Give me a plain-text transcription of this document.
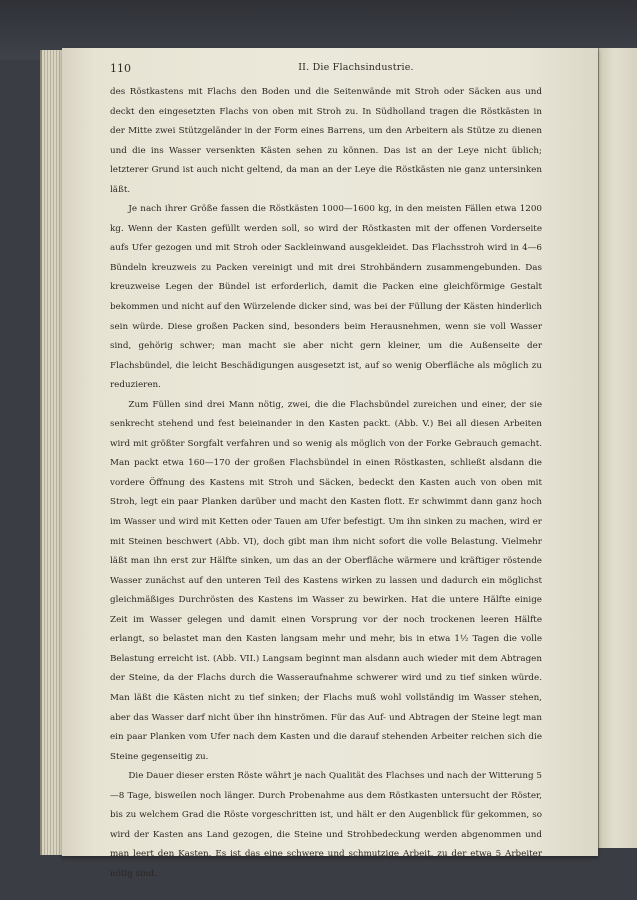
110	II. Die Flachsindustrie.

des Röstkastens mit Flachs den Boden und die Seitenwände mit Stroh oder Säcken aus und deckt den eingesetzten Flachs von oben mit Stroh zu. In Südholland tragen die Röstkästen in der Mitte zwei Stützgeländer in der Form eines Barrens, um den Arbeitern als Stütze zu dienen und die ins Wasser versenkten Kästen sehen zu können. Das ist an der Leye nicht üblich; letzterer Grund ist auch nicht geltend, da man an der Leye die Röstkästen nie ganz untersinken läßt.

Je nach ihrer Größe fassen die Röstkästen 1000—1600 kg, in den meisten Fällen etwa 1200 kg. Wenn der Kasten gefüllt werden soll, so wird der Röstkasten mit der offenen Vorderseite aufs Ufer gezogen und mit Stroh oder Sackleinwand ausgekleidet. Das Flachsstroh wird in 4—6 Bündeln kreuzweis zu Packen vereinigt und mit drei Strohbändern zusammengebunden. Das kreuzweise Legen der Bündel ist erforderlich, damit die Packen eine gleichförmige Gestalt bekommen und nicht auf den Würzelende dicker sind, was bei der Füllung der Kästen hinderlich sein würde. Diese großen Packen sind, besonders beim Herausnehmen, wenn sie voll Wasser sind, gehörig schwer; man macht sie aber nicht gern kleiner, um die Außenseite der Flachsbündel, die leicht Beschädigungen ausgesetzt ist, auf so wenig Oberfläche als möglich zu reduzieren.

Zum Füllen sind drei Mann nötig, zwei, die die Flachsbündel zureichen und einer, der sie senkrecht stehend und fest beieinander in den Kasten packt. (Abb. V.) Bei all diesen Arbeiten wird mit größter Sorgfalt verfahren und so wenig als möglich von der Forke Gebrauch gemacht. Man packt etwa 160—170 der großen Flachsbündel in einen Röstkasten, schließt alsdann die vordere Öffnung des Kastens mit Stroh und Säcken, bedeckt den Kasten auch von oben mit Stroh, legt ein paar Planken darüber und macht den Kasten flott. Er schwimmt dann ganz hoch im Wasser und wird mit Ketten oder Tauen am Ufer befestigt. Um ihn sinken zu machen, wird er mit Steinen beschwert (Abb. VI), doch gibt man ihm nicht sofort die volle Belastung. Vielmehr läßt man ihn erst zur Hälfte sinken, um das an der Oberfläche wärmere und kräftiger röstende Wasser zunächst auf den unteren Teil des Kastens wirken zu lassen und dadurch ein möglichst gleichmäßiges Durchrösten des Kastens im Wasser zu bewirken. Hat die untere Hälfte einige Zeit im Wasser gelegen und damit einen Vorsprung vor der noch trockenen leeren Hälfte erlangt, so belastet man den Kasten langsam mehr und mehr, bis in etwa 1½ Tagen die volle Belastung erreicht ist. (Abb. VII.) Langsam beginnt man alsdann auch wieder mit dem Abtragen der Steine, da der Flachs durch die Wasseraufnahme schwerer wird und zu tief sinken würde. Man läßt die Kästen nicht zu tief sinken; der Flachs muß wohl vollständig im Wasser stehen, aber das Wasser darf nicht über ihn hinströmen. Für das Auf- und Abtragen der Steine legt man ein paar Planken vom Ufer nach dem Kasten und die darauf stehenden Arbeiter reichen sich die Steine gegenseitig zu.

Die Dauer dieser ersten Röste währt je nach Qualität des Flachses und nach der Witterung 5—8 Tage, bisweilen noch länger. Durch Probenahme aus dem Röstkasten untersucht der Röster, bis zu welchem Grad die Röste vorgeschritten ist, und hält er den Augenblick für gekommen, so wird der Kasten ans Land gezogen, die Steine und Strohbedeckung werden abgenommen und man leert den Kasten. Es ist das eine schwere und schmutzige Arbeit, zu der etwa 5 Arbeiter nötig sind.
